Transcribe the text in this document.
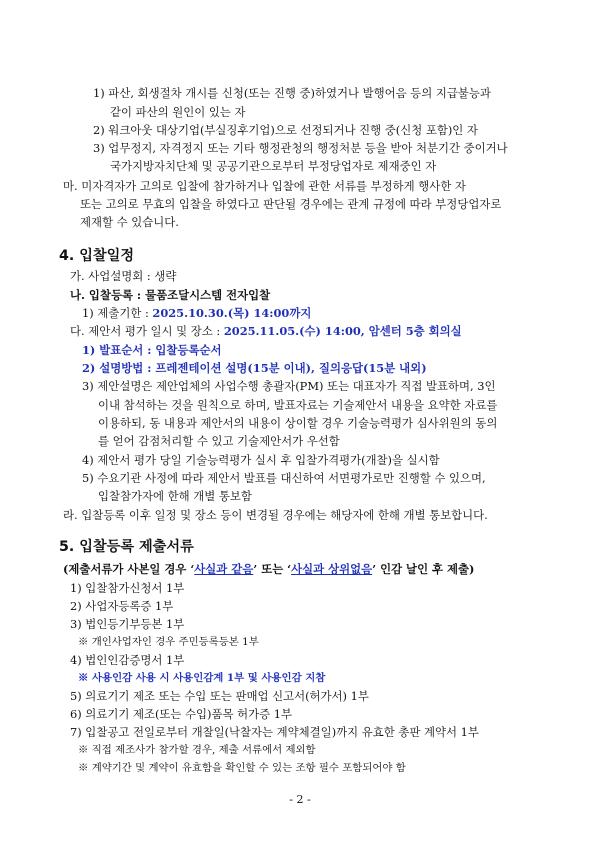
1) 파산, 회생절차 개시를 신청(또는 진행 중)하였거나 발행어음 등의 지급불능과
같이 파산의 원인이 있는 자
2) 워크아웃 대상기업(부실징후기업)으로 선정되거나 진행 중(신청 포함)인 자
3) 업무정지, 자격정지 또는 기타 행정관청의 행정처분 등을 받아 처분기간 중이거나
국가지방자치단체 및 공공기관으로부터 부정당업자로 제재중인 자
마. 미자격자가 고의로 입찰에 참가하거나 입찰에 관한 서류를 부정하게 행사한 자
또는 고의로 무효의 입찰을 하였다고 판단될 경우에는 관계 규정에 따라 부정당업자로
제재할 수 있습니다.
4. 입찰일정
가. 사업설명회 : 생략
나. 입찰등록 : 물품조달시스템 전자입찰
1) 제출기한 : 2025.10.30.(목) 14:00까지
다. 제안서 평가 일시 및 장소 : 2025.11.05.(수) 14:00, 암센터 5층 회의실
1) 발표순서 : 입찰등록순서
2) 설명방법 : 프레젠테이션 설명(15분 이내), 질의응답(15분 내외)
3) 제안설명은 제안업체의 사업수행 총괄자(PM) 또는 대표자가 직접 발표하며, 3인
이내 참석하는 것을 원칙으로 하며, 발표자료는 기술제안서 내용을 요약한 자료를
이용하되, 동 내용과 제안서의 내용이 상이할 경우 기술능력평가 심사위원의 동의
를 얻어 감점처리할 수 있고 기술제안서가 우선함
4) 제안서 평가 당일 기술능력평가 실시 후 입찰가격평가(개찰)을 실시함
5) 수요기관 사정에 따라 제안서 발표를 대신하여 서면평가로만 진행할 수 있으며,
입찰참가자에 한해 개별 통보함
라. 입찰등록 이후 일정 및 장소 등이 변경될 경우에는 해당자에 한해 개별 통보합니다.
5. 입찰등록 제출서류
(제출서류가 사본일 경우 ‘사실과 같음’ 또는 ‘사실과 상위없음’ 인감 날인 후 제출)
1) 입찰참가신청서 1부
2) 사업자등록증 1부
3) 법인등기부등본 1부
※ 개인사업자인 경우 주민등록등본 1부
4) 법인인감증명서 1부
※ 사용인감 사용 시 사용인감계 1부 및 사용인감 지참
5) 의료기기 제조 또는 수입 또는 판매업 신고서(허가서) 1부
6) 의료기기 제조(또는 수입)품목 허가증 1부
7) 입찰공고 전일로부터 개찰일(낙찰자는 계약체결일)까지 유효한 총판 계약서 1부
※ 직접 제조사가 참가할 경우, 제출 서류에서 제외함
※ 계약기간 및 계약이 유효함을 확인할 수 있는 조항 필수 포함되어야 함
- 2 -
